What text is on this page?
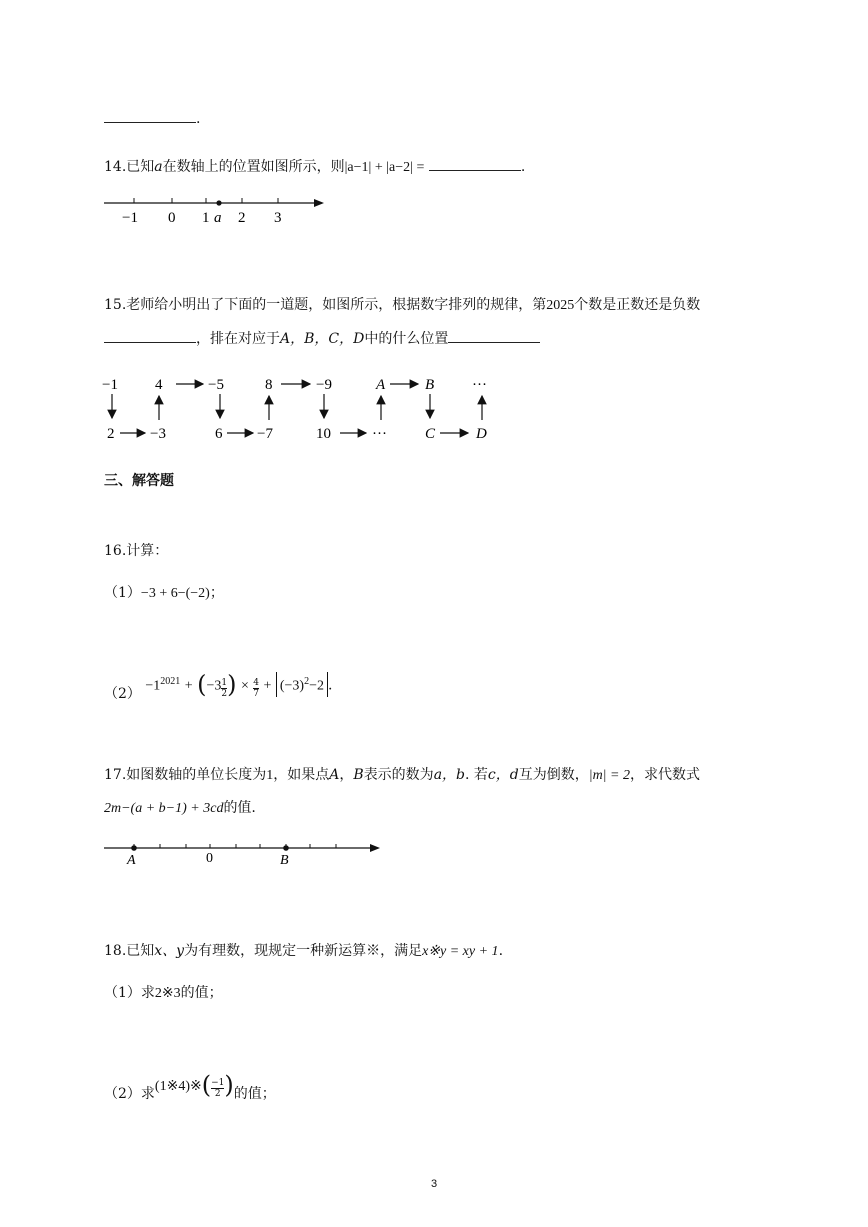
.
14.已知a在数轴上的位置如图所示，则|a−1| + |a−2| =	.
−1 0 1 a 2 3
15.老师给小明出了下面的一道题，如图所示，根据数字排列的规律，第2025个数是正数还是负数
，排在对应于A，B，C，D中的什么位置
−1 4	−5	8	−9	A	B	···
2 −3	6 −7	10	···	C	D
三、解答题
16.计算：
（1）−3 + 6−(−2)；
$(2) -1^{2021} + (-3 \frac{1}{2}$ ) × $\frac{4}{7} + (-3)^2-2$ .
17.如图数轴的单位长度为1，如果点A，B表示的数为a，b. 若c，d互为倒数，|m| = 2，求代数式
2m−(a + b−1) + 3cd的值.
A	0	B
18.已知x、y为有理数，现规定一种新运算※，满足x※y = xy + 1.
（1）求2※3的值；
（2）求(1※4)※( $\frac{-1}{2}$ )的值；
3
